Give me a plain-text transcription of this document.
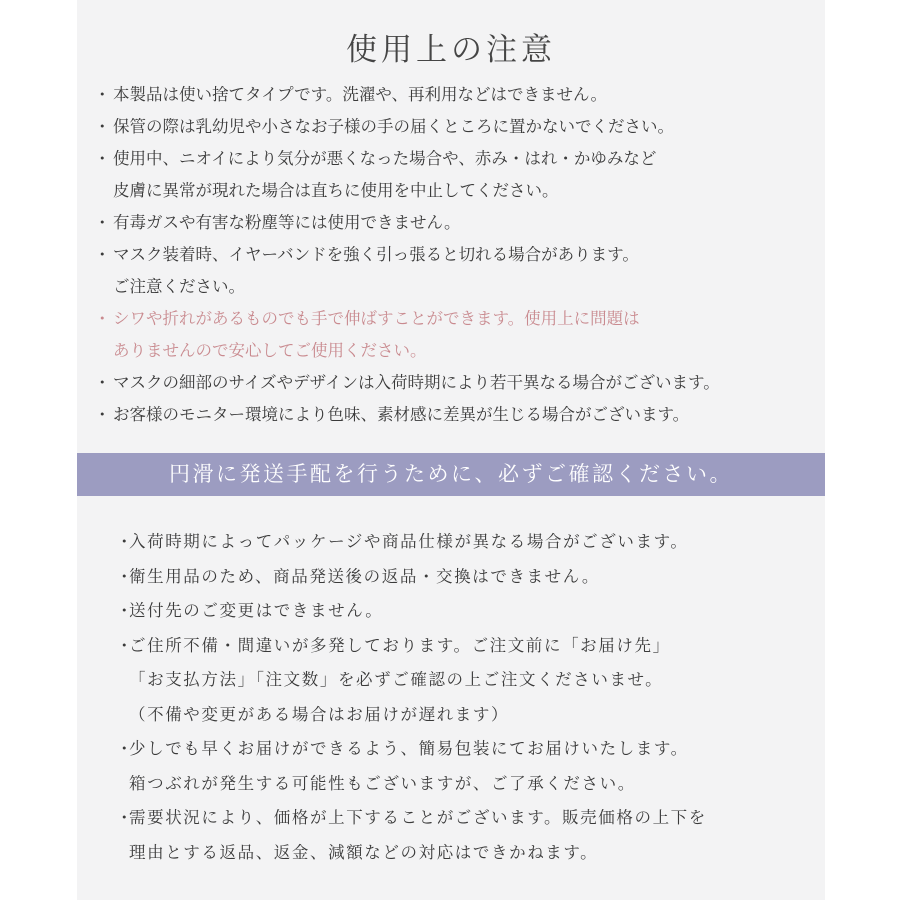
使用上の注意
・ 本製品は使い捨てタイプです。洗濯や、再利用などはできません。
・ 保管の際は乳幼児や小さなお子様の手の届くところに置かないでください。
・ 使用中、ニオイにより気分が悪くなった場合や、赤み・はれ・かゆみなど
皮膚に異常が現れた場合は直ちに使用を中止してください。
・ 有毒ガスや有害な粉塵等には使用できません。
・ マスク装着時、イヤーバンドを強く引っ張ると切れる場合があります。
ご注意ください。
・ シワや折れがあるものでも手で伸ばすことができます。使用上に問題は
ありませんので安心してご使用ください。
・ マスクの細部のサイズやデザインは入荷時期により若干異なる場合がございます。
・ お客様のモニター環境により色味、素材感に差異が生じる場合がございます。
円滑に発送手配を行うために、必ずご確認ください。
・
入荷時期によってパッケージや商品仕様が異なる場合がございます。
・
衛生用品のため、商品発送後の返品・交換はできません。
・
送付先のご変更はできません。
・
ご住所不備・間違いが多発しております。ご注文前に「お届け先」
「お支払方法」「注文数」を必ずご確認の上ご注文くださいませ。
（不備や変更がある場合はお届けが遅れます）
・
少しでも早くお届けができるよう、簡易包装にてお届けいたします。
箱つぶれが発生する可能性もございますが、ご了承ください。
・
需要状況により、価格が上下することがございます。販売価格の上下を
理由とする返品、返金、減額などの対応はできかねます。
